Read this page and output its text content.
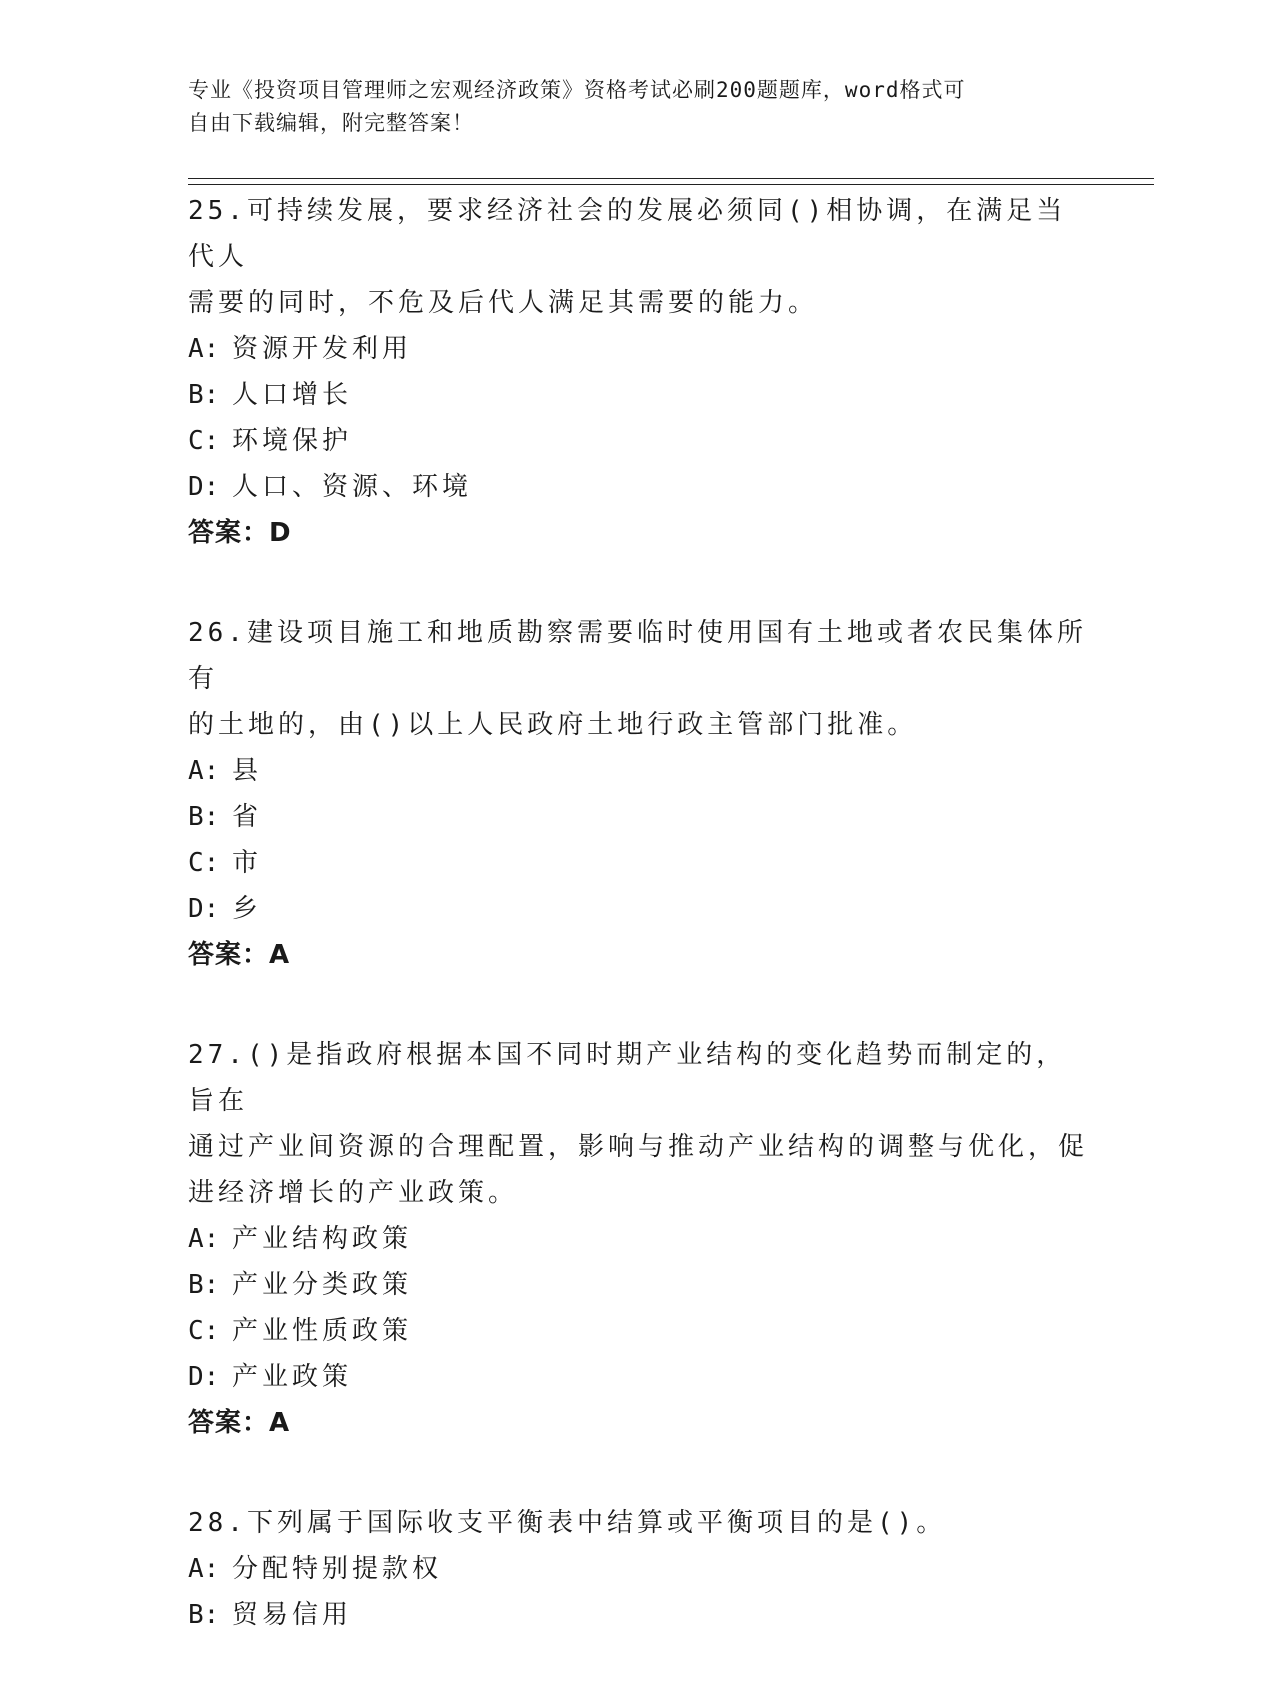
专业《投资项目管理师之宏观经济政策》资格考试必刷200题题库，word格式可
自由下载编辑，附完整答案！
25.可持续发展，要求经济社会的发展必须同()相协调，在满足当代人
需要的同时，不危及后代人满足其需要的能力。
A: 资源开发利用
B: 人口增长
C: 环境保护
D: 人口、资源、环境
答案：D
26.建设项目施工和地质勘察需要临时使用国有土地或者农民集体所有
的土地的，由()以上人民政府土地行政主管部门批准。
A: 县
B: 省
C: 市
D: 乡
答案：A
27.()是指政府根据本国不同时期产业结构的变化趋势而制定的，旨在
通过产业间资源的合理配置，影响与推动产业结构的调整与优化，促
进经济增长的产业政策。
A: 产业结构政策
B: 产业分类政策
C: 产业性质政策
D: 产业政策
答案：A
28.下列属于国际收支平衡表中结算或平衡项目的是()。
A: 分配特别提款权
B: 贸易信用
